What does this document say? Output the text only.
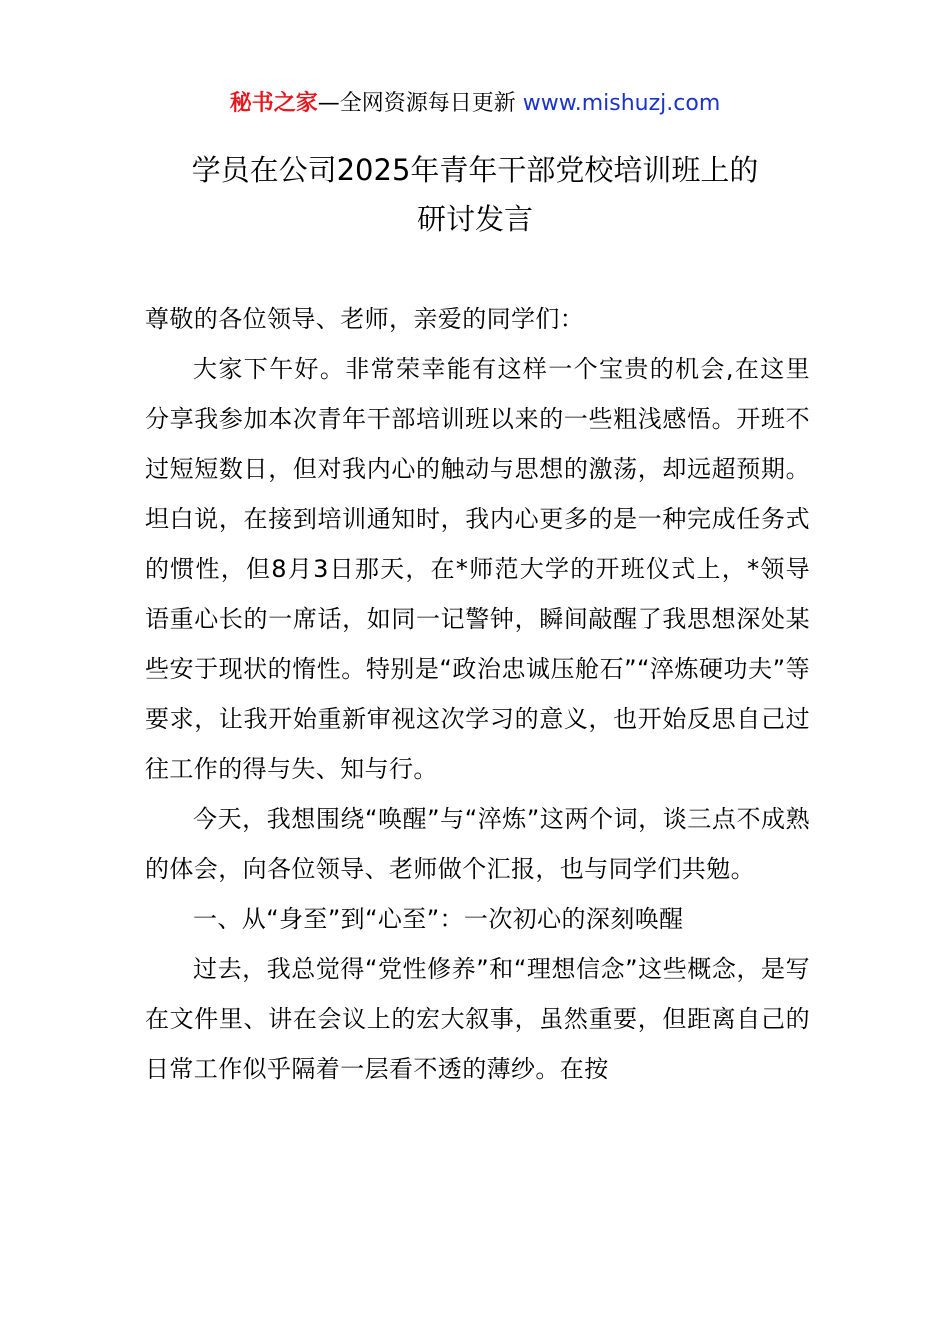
秘书之家—全网资源每日更新 www.mishuzj.com
学员在公司2025年青年干部党校培训班上的
研讨发言

尊敬的各位领导、老师，亲爱的同学们：

大家下午好。非常荣幸能有这样一个宝贵的机会,在这里分享我参加本次青年干部培训班以来的一些粗浅感悟。开班不过短短数日，但对我内心的触动与思想的激荡，却远超预期。坦白说，在接到培训通知时，我内心更多的是一种完成任务式的惯性，但8月3日那天，在*师范大学的开班仪式上，*领导语重心长的一席话，如同一记警钟，瞬间敲醒了我思想深处某些安于现状的惰性。特别是“政治忠诚压舱石”“淬炼硬功夫”等要求，让我开始重新审视这次学习的意义，也开始反思自己过往工作的得与失、知与行。

今天，我想围绕“唤醒”与“淬炼”这两个词，谈三点不成熟的体会，向各位领导、老师做个汇报，也与同学们共勉。

一、从“身至”到“心至”：一次初心的深刻唤醒

过去，我总觉得“党性修养”和“理想信念”这些概念，是写在文件里、讲在会议上的宏大叙事，虽然重要，但距离自己的日常工作似乎隔着一层看不透的薄纱。在按
